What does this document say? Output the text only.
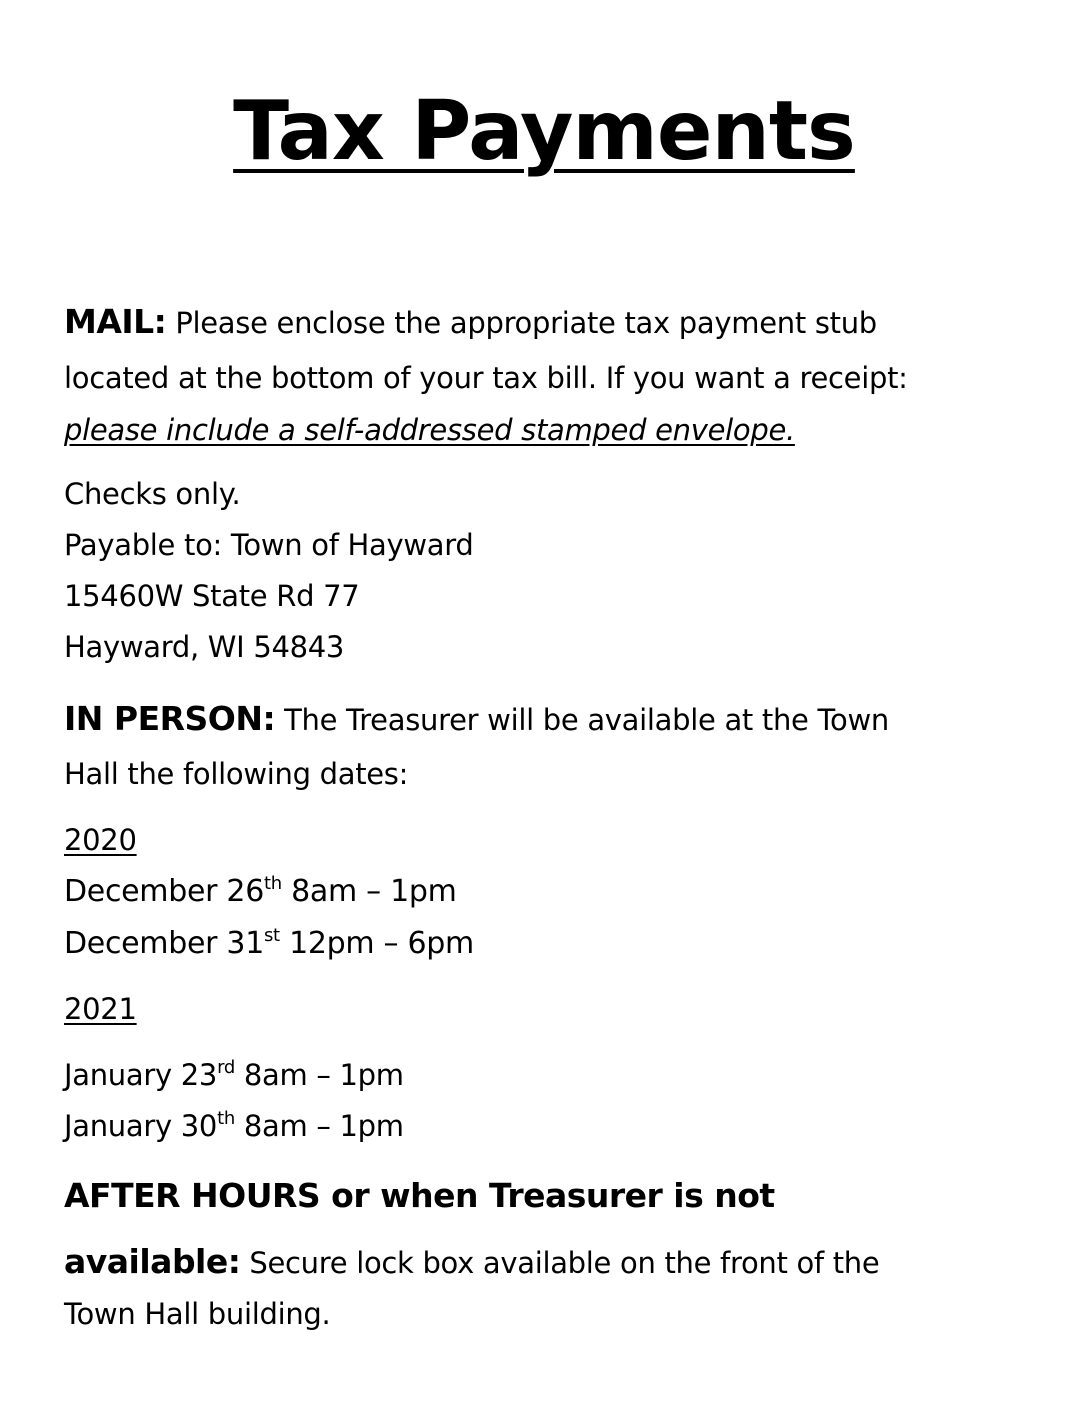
Tax Payments

MAIL: Please enclose the appropriate tax payment stub

located at the bottom of your tax bill. If you want a receipt:

please include a self-addressed stamped envelope.

Checks only.

Payable to: Town of Hayward

15460W State Rd 77

Hayward, WI 54843

IN PERSON: The Treasurer will be available at the Town

Hall the following dates:

2020

December 26th 8am – 1pm

December 31st 12pm – 6pm

2021

January 23rd 8am – 1pm

January 30th 8am – 1pm

AFTER HOURS or when Treasurer is not

available: Secure lock box available on the front of the

Town Hall building.
